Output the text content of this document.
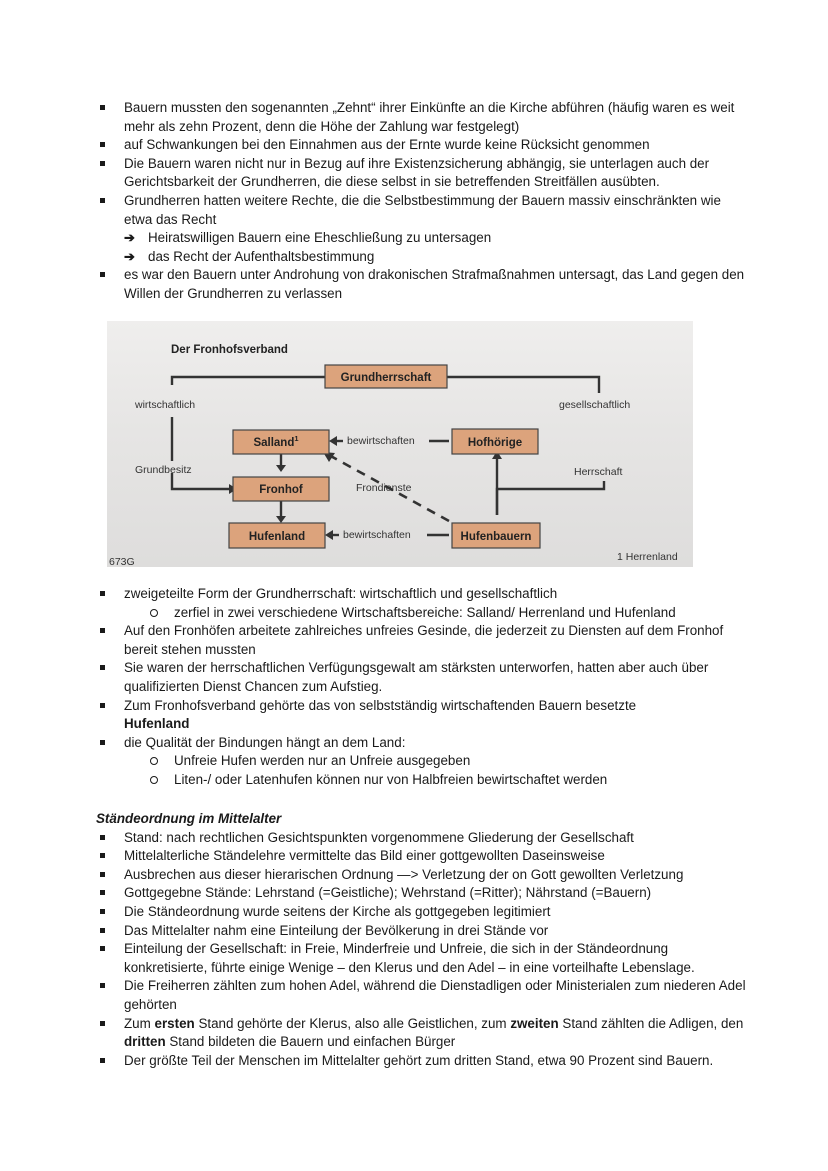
Bauern mussten den sogenannten „Zehnt“ ihrer Einkünfte an die Kirche abführen (häufig waren es weit mehr als zehn Prozent, denn die Höhe der Zahlung war festgelegt)
auf Schwankungen bei den Einnahmen aus der Ernte wurde keine Rücksicht genommen
Die Bauern waren nicht nur in Bezug auf ihre Existenzsicherung abhängig, sie unterlagen auch der Gerichtsbarkeit der Grundherren, die diese selbst in sie betreffenden Streitfällen ausübten.
Grundherren hatten weitere Rechte, die die Selbstbestimmung der Bauern massiv einschränkten wie etwa das Recht
➔ Heiratswilligen Bauern eine Eheschließung zu untersagen
➔ das Recht der Aufenthaltsbestimmung
es war den Bauern unter Androhung von drakonischen Strafmaßnahmen untersagt, das Land gegen den Willen der Grundherren zu verlassen
Grundherrschaft
Salland$^1$	Hofhörige
Fronhof
Hufenland	Hufenbauern
Der Fronhofsverband
wirtschaftlich	gesellschaftlich
Grundbesitz	Herrschaft
bewirtschaften
bewirtschaften
Frondienste
1 Herrenland
673G
zweigeteilte Form der Grundherrschaft: wirtschaftlich und gesellschaftlich
zerfiel in zwei verschiedene Wirtschaftsbereiche: Salland/ Herrenland und Hufenland
Auf den Fronhöfen arbeitete zahlreiches unfreies Gesinde, die jederzeit zu Diensten auf dem Fronhof bereit stehen mussten
Sie waren der herrschaftlichen Verfügungsgewalt am stärksten unterworfen, hatten aber auch über qualifizierten Dienst Chancen zum Aufstieg.
Zum Fronhofsverband gehörte das von selbstständig wirtschaftenden Bauern besetzte
Hufenland
die Qualität der Bindungen hängt an dem Land:
Unfreie Hufen werden nur an Unfreie ausgegeben
Liten-/ oder Latenhufen können nur von Halbfreien bewirtschaftet werden
Ständeordnung im Mittelalter
Stand: nach rechtlichen Gesichtspunkten vorgenommene Gliederung der Gesellschaft
Mittelalterliche Ständelehre vermittelte das Bild einer gottgewollten Daseinsweise
Ausbrechen aus dieser hierarischen Ordnung —> Verletzung der on Gott gewollten Verletzung
Gottgegebne Stände: Lehrstand (=Geistliche); Wehrstand (=Ritter); Nährstand (=Bauern)
Die Ständeordnung wurde seitens der Kirche als gottgegeben legitimiert
Das Mittelalter nahm eine Einteilung der Bevölkerung in drei Stände vor
Einteilung der Gesellschaft: in Freie, Minderfreie und Unfreie, die sich in der Ständeordnung konkretisierte, führte einige Wenige – den Klerus und den Adel – in eine vorteilhafte Lebenslage.
Die Freiherren zählten zum hohen Adel, während die Dienstadligen oder Ministerialen zum niederen Adel gehörten
Zum ersten Stand gehörte der Klerus, also alle Geistlichen, zum zweiten Stand zählten die Adligen, den dritten Stand bildeten die Bauern und einfachen Bürger
Der größte Teil der Menschen im Mittelalter gehört zum dritten Stand, etwa 90 Prozent sind Bauern.
